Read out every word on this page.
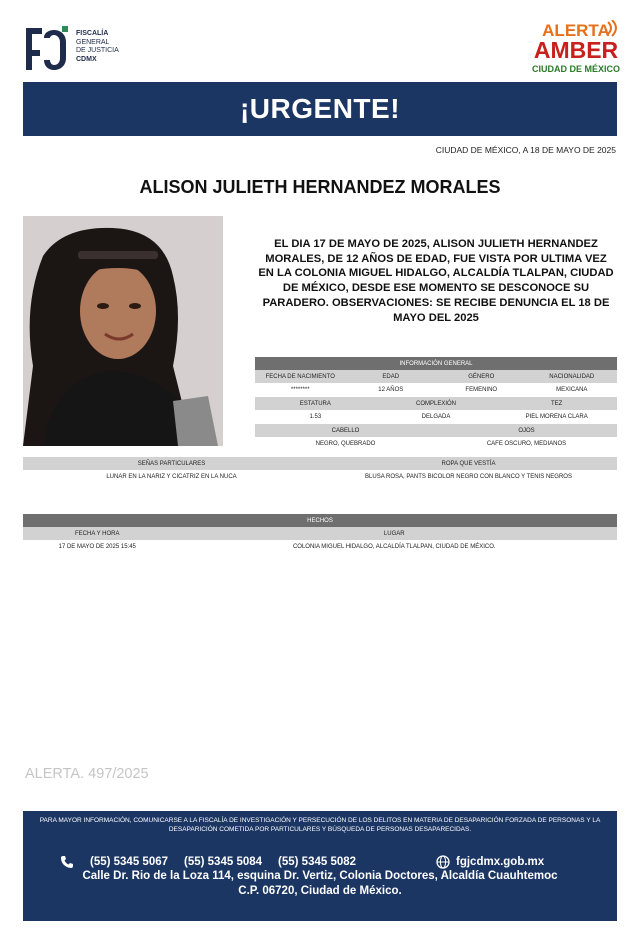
FISCALÍA
GENERAL
DE JUSTICIA
CDMX
ALERTA
AMBER
CIUDAD DE MÉXICO
¡URGENTE!
CIUDAD DE MÉXICO, A 18 DE MAYO DE 2025
ALISON JULIETH HERNANDEZ MORALES
EL DIA 17 DE MAYO DE 2025, ALISON JULIETH HERNANDEZ MORALES, DE 12 AÑOS DE EDAD, FUE VISTA POR ULTIMA VEZ EN LA COLONIA MIGUEL HIDALGO, ALCALDÍA TLALPAN, CIUDAD DE MÉXICO, DESDE ESE MOMENTO SE DESCONOCE SU PARADERO. OBSERVACIONES: SE RECIBE DENUNCIA EL 18 DE MAYO DEL 2025
INFORMACIÓN GENERAL
FECHA DE NACIMIENTO	EDAD	GÉNERO	NACIONALIDAD
********	12 AÑOS	FEMENINO	MEXICANA
ESTATURA	COMPLEXIÓN	TEZ
1.53	DELGADA	PIEL MORENA CLARA
CABELLO	OJOS
NEGRO, QUEBRADO	CAFE OSCURO, MEDIANOS
SEÑAS PARTICULARES	ROPA QUE VESTÍA
LUNAR EN LA NARIZ Y CICATRIZ EN LA NUCA	BLUSA ROSA, PANTS BICOLOR NEGRO CON BLANCO Y TENIS NEGROS
HECHOS
FECHA Y HORA	LUGAR
17 DE MAYO DE 2025 15:45	COLONIA MIGUEL HIDALGO, ALCALDÍA TLALPAN, CIUDAD DE MÉXICO.
ALERTA. 497/2025
PARA MAYOR INFORMACIÓN, COMUNICARSE A LA FISCALÍA DE INVESTIGACIÓN Y PERSECUCIÓN DE LOS DELITOS EN MATERIA DE DESAPARICIÓN FORZADA DE PERSONAS Y LA DESAPARICIÓN COMETIDA POR PARTICULARES Y BÚSQUEDA DE PERSONAS DESAPARECIDAS.
(55) 5345 5067 (55) 5345 5084 (55) 5345 5082	fgjcdmx.gob.mx
Calle Dr. Rio de la Loza 114, esquina Dr. Vertiz, Colonia Doctores, Alcaldía Cuauhtemoc
C.P. 06720, Ciudad de México.
